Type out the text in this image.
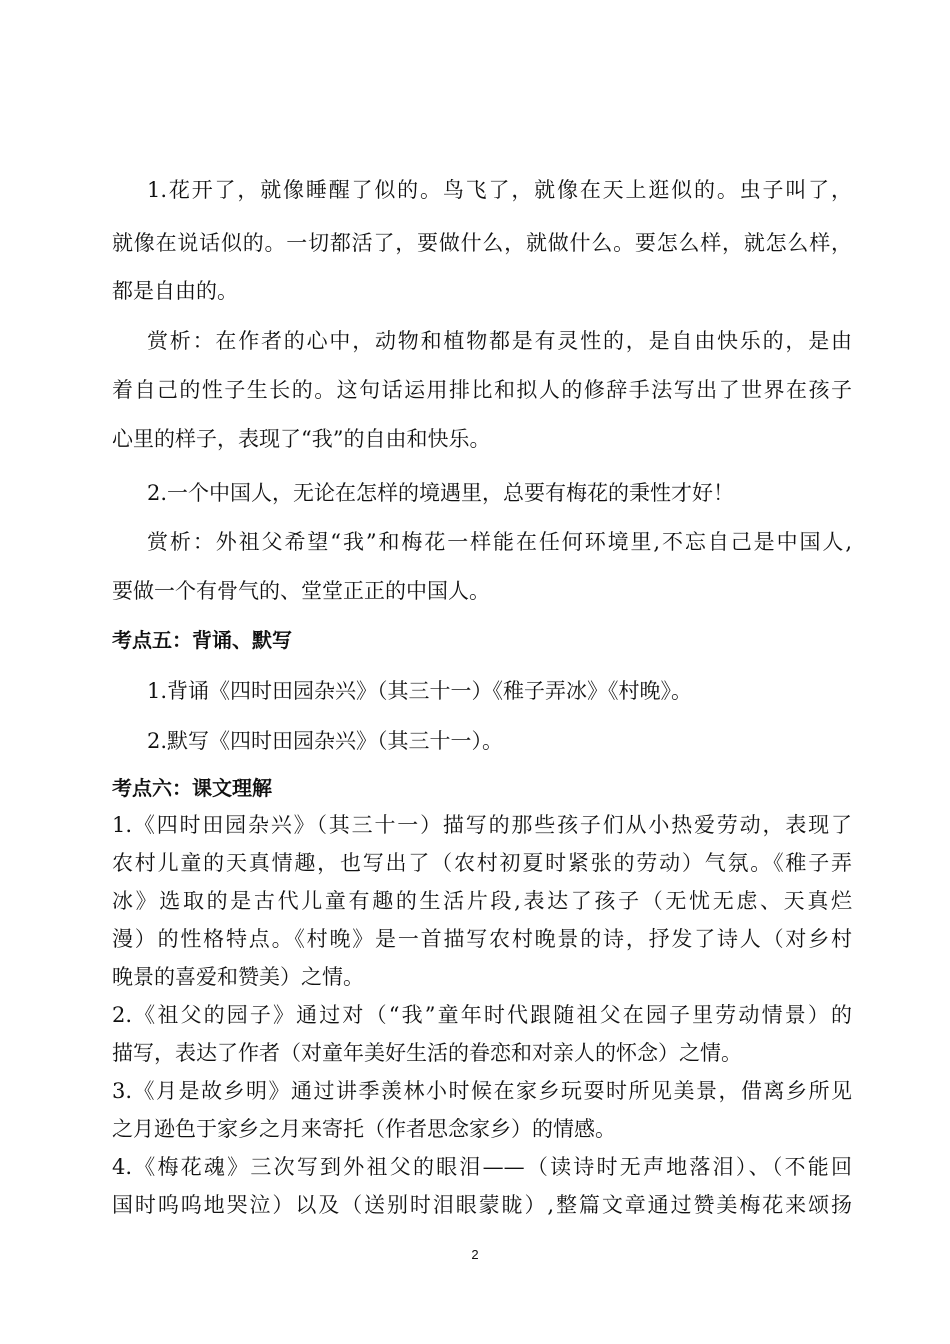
1.花开了，就像睡醒了似的。鸟飞了，就像在天上逛似的。虫子叫了，
就像在说话似的。一切都活了，要做什么，就做什么。要怎么样，就怎么样，
都是自由的。
赏析：在作者的心中，动物和植物都是有灵性的，是自由快乐的，是由
着自己的性子生长的。这句话运用排比和拟人的修辞手法写出了世界在孩子
心里的样子，表现了“我”的自由和快乐。
2.一个中国人，无论在怎样的境遇里，总要有梅花的秉性才好！
赏析：外祖父希望“我”和梅花一样能在任何环境里,不忘自己是中国人,
要做一个有骨气的、堂堂正正的中国人。
考点五：背诵、默写
1.背诵《四时田园杂兴》（其三十一）《稚子弄冰》《村晚》。
2.默写《四时田园杂兴》（其三十一）。
考点六：课文理解
1.《四时田园杂兴》（其三十一）描写的那些孩子们从小热爱劳动，表现了
农村儿童的天真情趣，也写出了（农村初夏时紧张的劳动）气氛。《稚子弄
冰》选取的是古代儿童有趣的生活片段,表达了孩子（无忧无虑、天真烂
漫）的性格特点。《村晚》是一首描写农村晚景的诗，抒发了诗人（对乡村
晚景的喜爱和赞美）之情。
2.《祖父的园子》通过对（“我”童年时代跟随祖父在园子里劳动情景）的
描写，表达了作者（对童年美好生活的眷恋和对亲人的怀念）之情。
3.《月是故乡明》通过讲季羡林小时候在家乡玩耍时所见美景，借离乡所见
之月逊色于家乡之月来寄托（作者思念家乡）的情感。
4.《梅花魂》三次写到外祖父的眼泪——（读诗时无声地落泪）、（不能回
国时呜呜地哭泣）以及（送别时泪眼蒙眬）,整篇文章通过赞美梅花来颂扬
2
